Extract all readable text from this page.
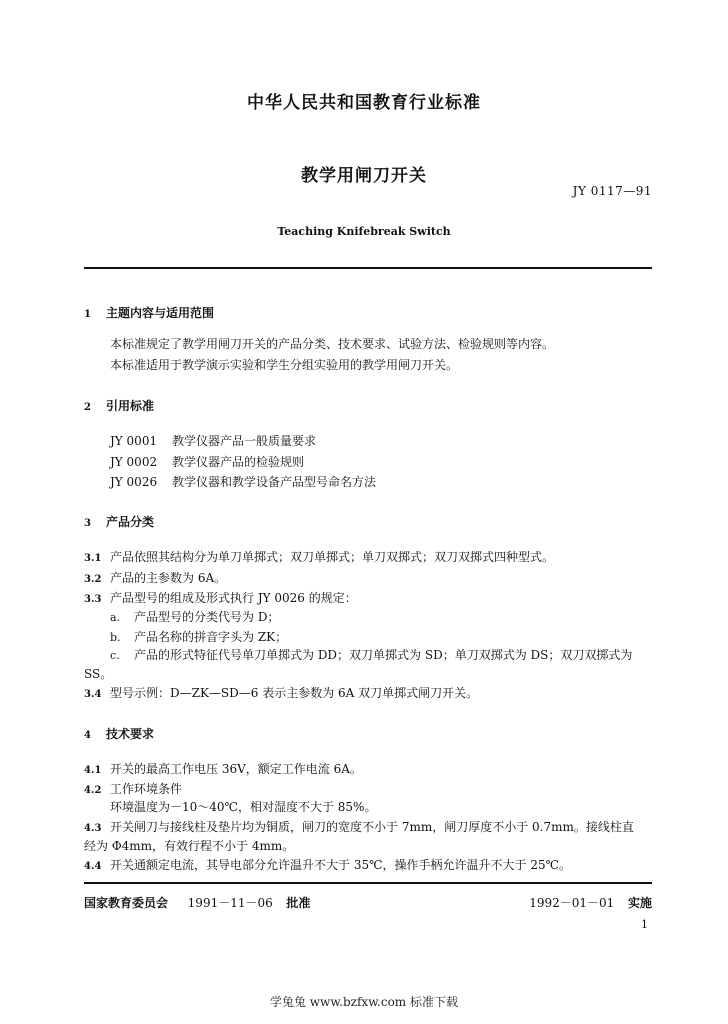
中华人民共和国教育行业标准
教学用闸刀开关
JY 0117—91
Teaching Knifebreak Switch
1 主题内容与适用范围
本标准规定了教学用闸刀开关的产品分类、技术要求、试验方法、检验规则等内容。
本标准适用于教学演示实验和学生分组实验用的教学用闸刀开关。
2 引用标准
JY 0001 教学仪器产品一般质量要求
JY 0002 教学仪器产品的检验规则
JY 0026 教学仪器和教学设备产品型号命名方法
3 产品分类
3.1 产品依照其结构分为单刀单掷式；双刀单掷式；单刀双掷式；双刀双掷式四种型式。
3.2 产品的主参数为 6A。
3.3 产品型号的组成及形式执行 JY 0026 的规定：
a. 产品型号的分类代号为 D；
b. 产品名称的拼音字头为 ZK；
c. 产品的形式特征代号单刀单掷式为 DD；双刀单掷式为 SD；单刀双掷式为 DS；双刀双掷式为
SS。
3.4 型号示例：D—ZK—SD—6 表示主参数为 6A 双刀单掷式闸刀开关。
4 技术要求
4.1 开关的最高工作电压 36V，额定工作电流 6A。
4.2 工作环境条件
环境温度为－10～40℃，相对湿度不大于 85%。
4.3 开关闸刀与接线柱及垫片均为铜质，闸刀的宽度不小于 7mm，闸刀厚度不小于 0.7mm。接线柱直
经为 Φ4mm，有效行程不小于 4mm。
4.4 开关通额定电流，其导电部分允许温升不大于 35℃，操作手柄允许温升不大于 25℃。
国家教育委员会 1991－11－06 批准	1992－01－01 实施
1
学兔兔 www.bzfxw.com 标准下载
